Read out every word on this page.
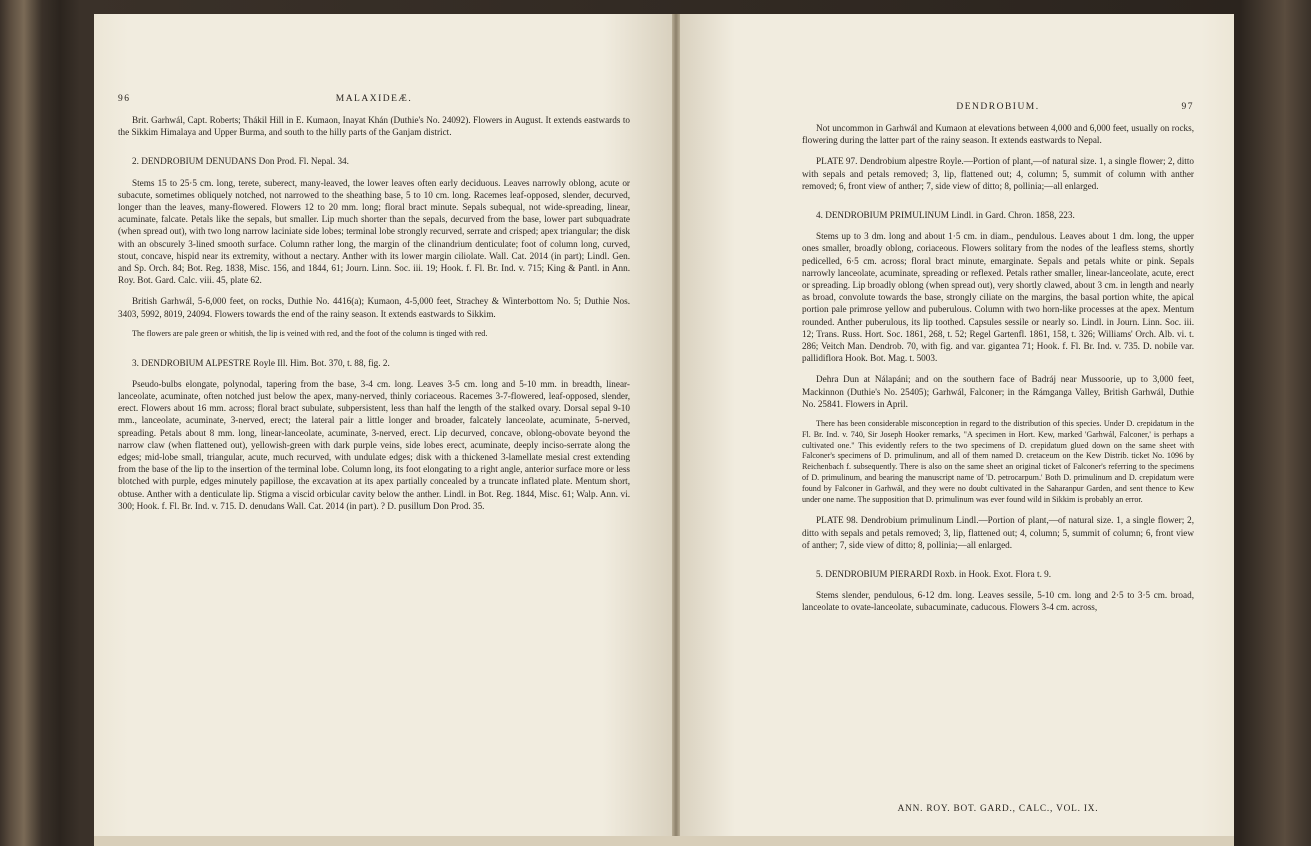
96	MALAXIDEÆ.

Brit. Garhwál, Capt. Roberts; Thákil Hill in E. Kumaon, Inayat Khán (Duthie's No. 24092). Flowers in August. It extends eastwards to the Sikkim Himalaya and Upper Burma, and south to the hilly parts of the Ganjam district.

2. DENDROBIUM DENUDANS Don Prod. Fl. Nepal. 34.

Stems 15 to 25·5 cm. long, terete, suberect, many-leaved, the lower leaves often early deciduous. Leaves narrowly oblong, acute or subacute, sometimes obliquely notched, not narrowed to the sheathing base, 5 to 10 cm. long. Racemes leaf-opposed, slender, decurved, longer than the leaves, many-flowered. Flowers 12 to 20 mm. long; floral bract minute. Sepals subequal, not wide-spreading, linear, acuminate, falcate. Petals like the sepals, but smaller. Lip much shorter than the sepals, decurved from the base, lower part subquadrate (when spread out), with two long narrow laciniate side lobes; terminal lobe strongly recurved, serrate and crisped; apex triangular; the disk with an obscurely 3-lined smooth surface. Column rather long, the margin of the clinandrium denticulate; foot of column long, curved, stout, concave, hispid near its extremity, without a nectary. Anther with its lower margin ciliolate. Wall. Cat. 2014 (in part); Lindl. Gen. and Sp. Orch. 84; Bot. Reg. 1838, Misc. 156, and 1844, 61; Journ. Linn. Soc. iii. 19; Hook. f. Fl. Br. Ind. v. 715; King & Pantl. in Ann. Roy. Bot. Gard. Calc. viii. 45, plate 62.

British Garhwál, 5-6,000 feet, on rocks, Duthie No. 4416(a); Kumaon, 4-5,000 feet, Strachey & Winterbottom No. 5; Duthie Nos. 3403, 5992, 8019, 24094. Flowers towards the end of the rainy season. It extends eastwards to Sikkim.

The flowers are pale green or whitish, the lip is veined with red, and the foot of the column is tinged with red.

3. DENDROBIUM ALPESTRE Royle Ill. Him. Bot. 370, t. 88, fig. 2.

Pseudo-bulbs elongate, polynodal, tapering from the base, 3-4 cm. long. Leaves 3-5 cm. long and 5-10 mm. in breadth, linear-lanceolate, acuminate, often notched just below the apex, many-nerved, thinly coriaceous. Racemes 3-7-flowered, leaf-opposed, slender, erect. Flowers about 16 mm. across; floral bract subulate, subpersistent, less than half the length of the stalked ovary. Dorsal sepal 9-10 mm., lanceolate, acuminate, 3-nerved, erect; the lateral pair a little longer and broader, falcately lanceolate, acuminate, 5-nerved, spreading. Petals about 8 mm. long, linear-lanceolate, acuminate, 3-nerved, erect. Lip decurved, concave, oblong-obovate beyond the narrow claw (when flattened out), yellowish-green with dark purple veins, side lobes erect, acuminate, deeply inciso-serrate along the edges; mid-lobe small, triangular, acute, much recurved, with undulate edges; disk with a thickened 3-lamellate mesial crest extending from the base of the lip to the insertion of the terminal lobe. Column long, its foot elongating to a right angle, anterior surface more or less blotched with purple, edges minutely papillose, the excavation at its apex partially concealed by a truncate inflated plate. Mentum short, obtuse. Anther with a denticulate lip. Stigma a viscid orbicular cavity below the anther. Lindl. in Bot. Reg. 1844, Misc. 61; Walp. Ann. vi. 300; Hook. f. Fl. Br. Ind. v. 715. D. denudans Wall. Cat. 2014 (in part). ? D. pusillum Don Prod. 35.

DENDROBIUM.	97

Not uncommon in Garhwál and Kumaon at elevations between 4,000 and 6,000 feet, usually on rocks, flowering during the latter part of the rainy season. It extends eastwards to Nepal.

PLATE 97. Dendrobium alpestre Royle.—Portion of plant,—of natural size. 1, a single flower; 2, ditto with sepals and petals removed; 3, lip, flattened out; 4, column; 5, summit of column with anther removed; 6, front view of anther; 7, side view of ditto; 8, pollinia;—all enlarged.

4. DENDROBIUM PRIMULINUM Lindl. in Gard. Chron. 1858, 223.

Stems up to 3 dm. long and about 1·5 cm. in diam., pendulous. Leaves about 1 dm. long, the upper ones smaller, broadly oblong, coriaceous. Flowers solitary from the nodes of the leafless stems, shortly pedicelled, 6·5 cm. across; floral bract minute, emarginate. Sepals and petals white or pink. Sepals narrowly lanceolate, acuminate, spreading or reflexed. Petals rather smaller, linear-lanceolate, acute, erect or spreading. Lip broadly oblong (when spread out), very shortly clawed, about 3 cm. in length and nearly as broad, convolute towards the base, strongly ciliate on the margins, the basal portion white, the apical portion pale primrose yellow and puberulous. Column with two horn-like processes at the apex. Mentum rounded. Anther puberulous, its lip toothed. Capsules sessile or nearly so. Lindl. in Journ. Linn. Soc. iii. 12; Trans. Russ. Hort. Soc. 1861, 268, t. 52; Regel Gartenfl. 1861, 158, t. 326; Williams' Orch. Alb. vi. t. 286; Veitch Man. Dendrob. 70, with fig. and var. gigantea 71; Hook. f. Fl. Br. Ind. v. 735. D. nobile var. pallidiflora Hook. Bot. Mag. t. 5003.

Dehra Dun at Nálapáni; and on the southern face of Badráj near Mussoorie, up to 3,000 feet, Mackinnon (Duthie's No. 25405); Garhwál, Falconer; in the Rámganga Valley, British Garhwál, Duthie No. 25841. Flowers in April.

There has been considerable misconception in regard to the distribution of this species. Under D. crepidatum in the Fl. Br. Ind. v. 740, Sir Joseph Hooker remarks, "A specimen in Hort. Kew, marked 'Garhwál, Falconer,' is perhaps a cultivated one." This evidently refers to the two specimens of D. crepidatum glued down on the same sheet with Falconer's specimens of D. primulinum, and all of them named D. cretaceum on the Kew Distrib. ticket No. 1096 by Reichenbach f. subsequently. There is also on the same sheet an original ticket of Falconer's referring to the specimens of D. primulinum, and bearing the manuscript name of 'D. petrocarpum.' Both D. primulinum and D. crepidatum were found by Falconer in Garhwál, and they were no doubt cultivated in the Saharanpur Garden, and sent thence to Kew under one name. The supposition that D. primulinum was ever found wild in Sikkim is probably an error.

PLATE 98. Dendrobium primulinum Lindl.—Portion of plant,—of natural size. 1, a single flower; 2, ditto with sepals and petals removed; 3, lip, flattened out; 4, column; 5, summit of column; 6, front view of anther; 7, side view of ditto; 8, pollinia;—all enlarged.

5. DENDROBIUM PIERARDI Roxb. in Hook. Exot. Flora t. 9.

Stems slender, pendulous, 6-12 dm. long. Leaves sessile, 5-10 cm. long and 2·5 to 3·5 cm. broad, lanceolate to ovate-lanceolate, subacuminate, caducous. Flowers 3-4 cm. across,

ANN. ROY. BOT. GARD., CALC., VOL. IX.
